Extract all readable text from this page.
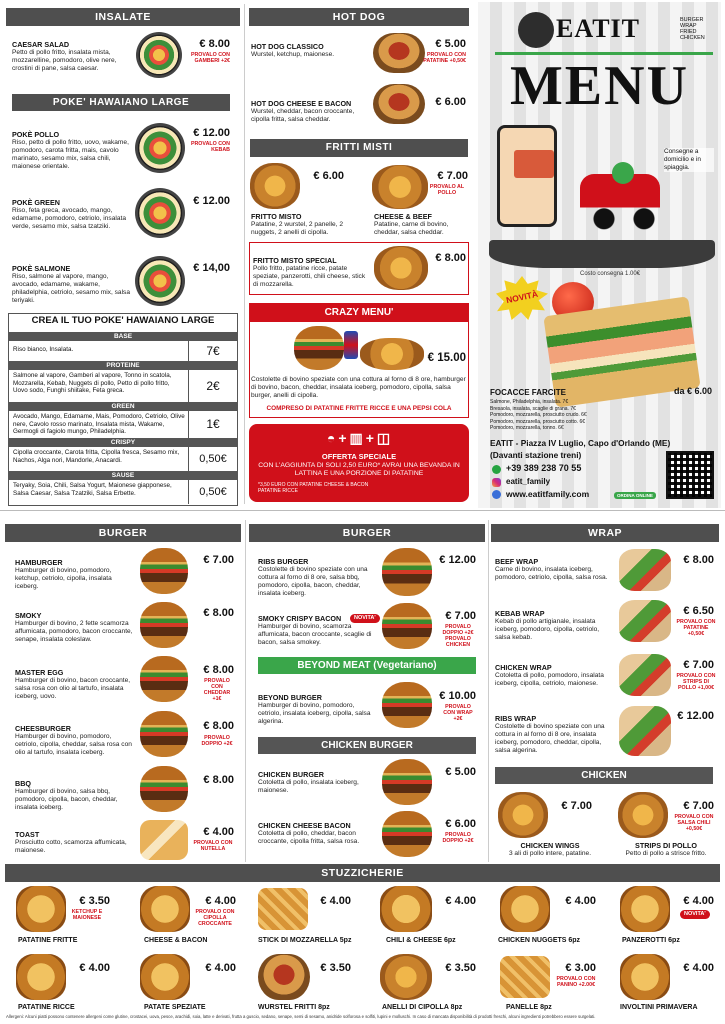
INSALATE
CAESAR SALAD
Petto di pollo fritto, insalata mista, mozzarelline, pomodoro, olive nere, crostini di pane, salsa caesar.
€ 8.00
PROVALO CON GAMBERI +2€
POKE' HAWAIANO LARGE
POKÈ POLLO
Riso, petto di pollo fritto, uovo, wakame, pomodoro, carota fritta, mais, cavolo marinato, sesamo mix, salsa chili, maionese orientale.
€ 12.00
PROVALO CON KEBAB
POKÈ GREEN
Riso, feta greca, avocado, mango, edamame, pomodoro, cetriolo, insalata verde, sesamo mix, salsa tzatziki.
€ 12.00
POKÈ SALMONE
Riso, salmone al vapore, mango, avocado, edamame, wakame, philadelphia, cetriolo, sesamo mix, salsa teriyaki.
€ 14,00
CREA IL TUO POKE' HAWAIANO LARGE
BASE
Riso bianco, Insalata.	7€
PROTEINE
Salmone al vapore, Gamberi al vapore, Tonno in scatola, Mozzarella, Kebab, Nuggets di pollo, Petto di pollo fritto, Uovo sodo, Funghi shiitake, Feta greca.	2€
GREEN
Avocado, Mango, Edamame, Mais, Pomodoro, Cetriolo, Olive nere, Cavolo rosso marinato, Insalata mista, Wakame, Germogli di fagiolo mungo, Philadelphia.
1€
CRISPY
Cipolla croccante, Carota fritta, Cipolla fresca, Sesamo mix, Nachos, Alga nori, Mandorle, Anacardi.	0,50€
SAUSE
Teryaky, Soia, Chili, Salsa Yogurt, Maionese giapponese, Salsa Caesar, Salsa Tzatziki, Salsa Erbette.	0,50€
HOT DOG
HOT DOG CLASSICO
Wurstel, ketchup, maionese.
€ 5.00
PROVALO CON PATATINE +0,50€
HOT DOG CHEESE E BACON
Wurstel, cheddar, bacon croccante, cipolla fritta, salsa cheddar.
€ 6.00
FRITTI MISTI
€ 6.00
FRITTO MISTO
Patatine, 2 wurstel, 2 panelle, 2 nuggets, 2 anelli di cipolla.
€ 7.00
PROVALO AL POLLO
CHEESE & BEEF
Patatine, carne di bovino, cheddar, salsa cheddar.
FRITTO MISTO SPECIAL
Pollo fritto, patatine ricce, patate speziate, panzerotti, chili cheese, stick di mozzarella.
€ 8.00
CRAZY MENU'
€ 15.00
Costolette di bovino speziate con una cottura al forno di 8 ore, hamburger di bovino, bacon, cheddar, insalata iceberg, pomodoro, cipolla, salsa burger, anelli di cipolla.
COMPRESO DI PATATINE FRITTE RICCE E UNA PEPSI COLA
◓+▥+◫
OFFERTA SPECIALE
CON L'AGGIUNTA DI SOLI 2,50 EURO* AVRAI UNA BEVANDA IN LATTINA E UNA PORZIONE DI PATATINE
*3,50 EURO CON PATATINE CHEESE & BACON PATATINE RICCE
EATIT	BURGER
WRAP
FRIED
CHICKEN
MENU
Consegne a domicilio e in spiaggia.
Costo consegna 1.00€
NOVITÀ
FOCACCE FARCITE	da € 6.00
Salmone, Philadelphia, insalata. 7€
Bresaola, insalata, scaglie di grana. 7€
Pomodoro, mozzarella, prosciutto crudo. 6€
Pomodoro, mozzarella, prosciutto cotto. 6€
Pomodoro, mozzarella, tonno. 6€
EATIT - Piazza IV Luglio, Capo d'Orlando (ME)
(Davanti stazione treni)
+39 389 238 70 55
eatit_family
www.eatitfamily.com	ORDINA ONLINE
BURGER
HAMBURGER
Hamburger di bovino, pomodoro, ketchup, cetriolo, cipolla, insalata iceberg.
€ 7.00
SMOKY
Hamburger di bovino, 2 fette scamorza affumicata, pomodoro, bacon croccante, senape, insalata coleslaw.
€ 8.00
MASTER EGG
Hamburger di bovino, bacon croccante, salsa rosa con olio al tartufo, insalata iceberg, uovo.
€ 8.00
PROVALO CON CHEDDAR +1€
CHEESBURGER
Hamburger di bovino, pomodoro, cetriolo, cipolla, cheddar, salsa rosa con olio al tartufo, insalata iceberg.
€ 8.00
PROVALO DOPPIO +2€
BBQ
Hamburger di bovino, salsa bbq, pomodoro, cipolla, bacon, cheddar, insalata iceberg.
€ 8.00
TOAST
Prosciutto cotto, scamorza affumicata, maionese.
€ 4.00
PROVALO CON NUTELLA
BURGER
RIBS BURGER
Costolette di bovino speziate con una cottura al forno di 8 ore, salsa bbq, pomodoro, cipolla, bacon, cheddar, insalata iceberg.
€ 12.00
SMOKY CRISPY BACON
Hamburger di bovino, scamorza affumicata, bacon croccante, scaglie di bacon, salsa smokey.
NOVITA'	€ 7.00
PROVALO DOPPIO +2€ PROVALO CHICKEN
BEYOND MEAT (Vegetariano)
BEYOND BURGER
Hamburger di bovino, pomodoro, cetriolo, insalata iceberg, cipolla, salsa algerina.
€ 10.00
PROVALO CON WRAP +2€
CHICKEN BURGER
CHICKEN BURGER
Cotoletta di pollo, insalata iceberg, maionese.
€ 5.00
CHICKEN CHEESE BACON
Cotoletta di pollo, cheddar, bacon croccante, cipolla fritta, salsa rosa.
€ 6.00
PROVALO DOPPIO +2€
WRAP
BEEF WRAP
Carne di bovino, insalata iceberg, pomodoro, cetriolo, cipolla, salsa rosa.
€ 8.00
KEBAB WRAP
Kebab di pollo artigianale, insalata iceberg, pomodoro, cipolla, cetriolo, salsa kebab.
€ 6.50
PROVALO CON PATATINE +0,50€
CHICKEN WRAP
Cotoletta di pollo, pomodoro, insalata iceberg, cipolla, cetriolo, maionese.
€ 7.00
PROVALO CON STRIPS DI POLLO +1,00€
RIBS WRAP
Costolette di bovino speziate con una cottura in al forno di 8 ore, insalata iceberg, pomodoro, cheddar, cipolla, salsa algerina.
€ 12.00
CHICKEN
€ 7.00
CHICKEN WINGS
3 ali di pollo intere, patatine.
€ 7.00
PROVALO CON SALSA CHILI +0,50€
STRIPS DI POLLO
Petto di pollo a strisce fritto.
STUZZICHERIE
€ 3.50
KETCHUP E MAIONESE
PATATINE FRITTE
€ 4.00
PROVALO CON CIPOLLA CROCCANTE
CHEESE & BACON
€ 4.00
STICK DI MOZZARELLA 5pz
€ 4.00
CHILI & CHEESE 6pz
€ 4.00
CHICKEN NUGGETS 6pz
€ 4.00
NOVITA'
PANZEROTTI 6pz
€ 4.00
PATATINE RICCE
€ 4.00
PATATE SPEZIATE
€ 3.50
WURSTEL FRITTI 8pz
€ 3.50
ANELLI DI CIPOLLA 8pz
€ 3.00
PROVALO CON PANINO +2.00€
PANELLE 8pz
€ 4.00
INVOLTINI PRIMAVERA
Allergeni: Alcuni piatti possono contenere allergeni come glutine, crostacei, uova, pesce, arachidi, soia, latte e derivati, frutta a guscio, sedano, senape, semi di sesamo, anidride solforosa e solfiti, lupini e molluschi. In caso di mancata disponibilità di prodotti freschi, alcuni ingredienti potrebbero essere surgelati.
